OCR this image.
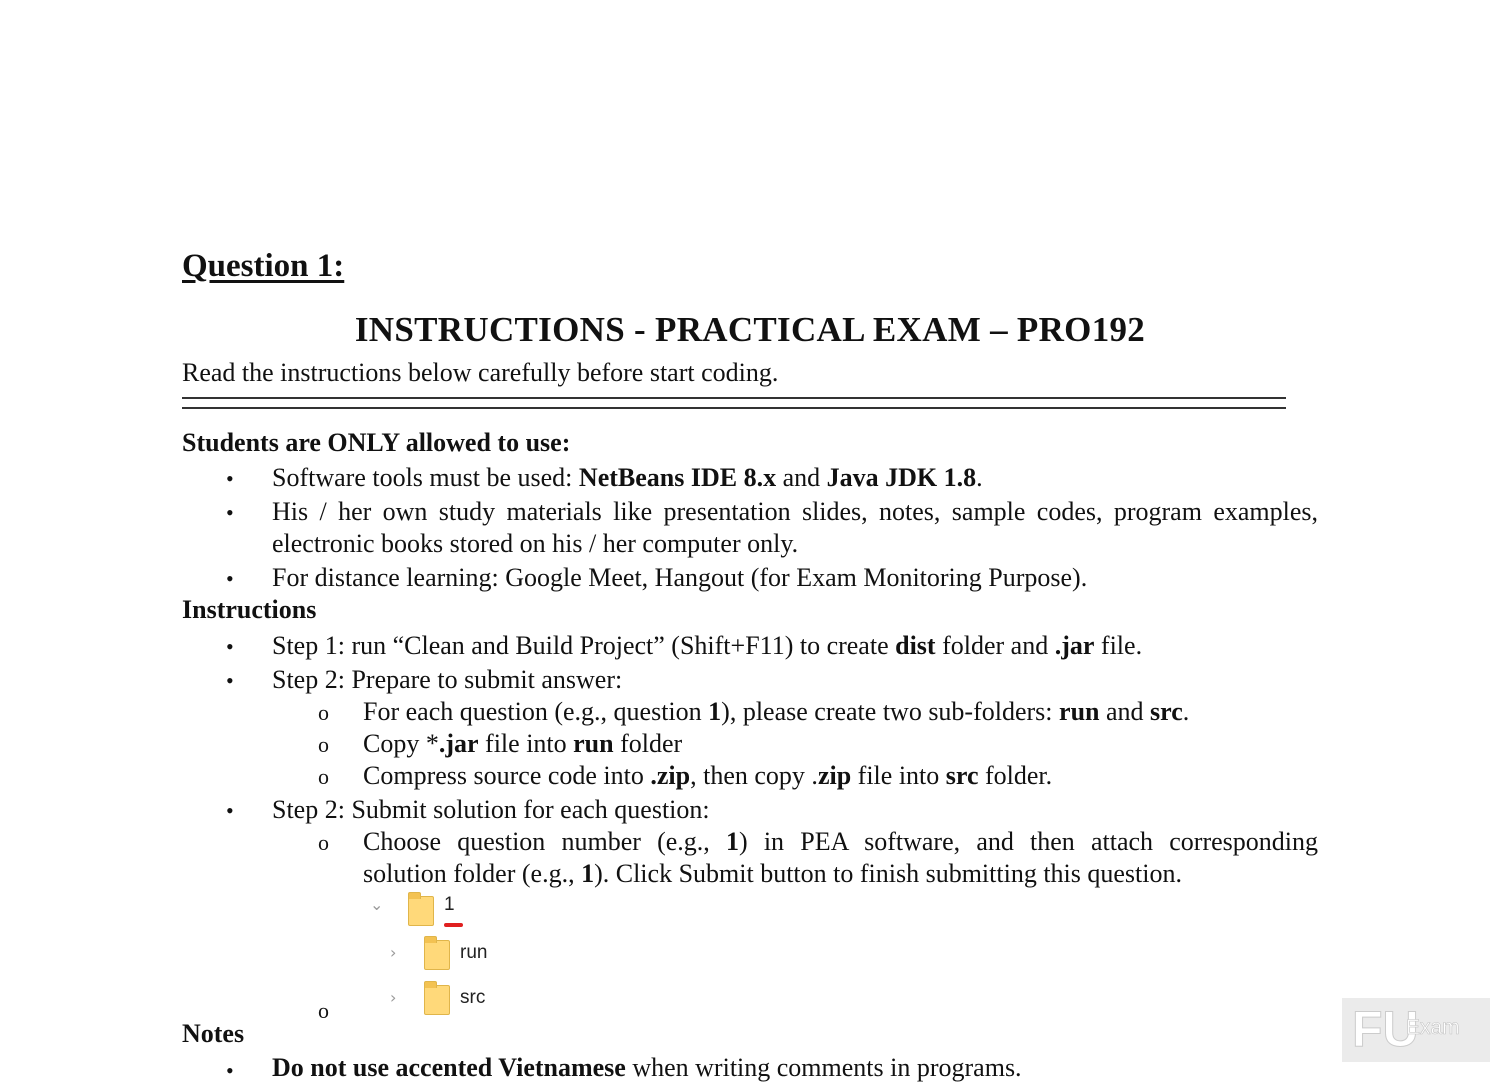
Question 1:
INSTRUCTIONS - PRACTICAL EXAM – PRO192
Read the instructions below carefully before start coding.
Students are ONLY allowed to use:
•	Software tools must be used: NetBeans IDE 8.x and Java JDK 1.8.
•	His / her own study materials like presentation slides, notes, sample codes, program examples,
electronic books stored on his / her computer only.
•	For distance learning: Google Meet, Hangout (for Exam Monitoring Purpose).
Instructions
•	Step 1: run “Clean and Build Project” (Shift+F11) to create dist folder and .jar file.
•	Step 2: Prepare to submit answer:
o For each question (e.g., question 1), please create two sub-folders: run and src.
o Copy *.jar file into run folder
o Compress source code into .zip, then copy .zip file into src folder.
•	Step 2: Submit solution for each question:
o Choose question number (e.g., 1) in PEA software, and then attach corresponding
solution folder (e.g., 1). Click Submit button to finish submitting this question.
⌄	1
›	run
›	src
o
Notes
•	Do not use accented Vietnamese when writing comments in programs.
FU
Exam
